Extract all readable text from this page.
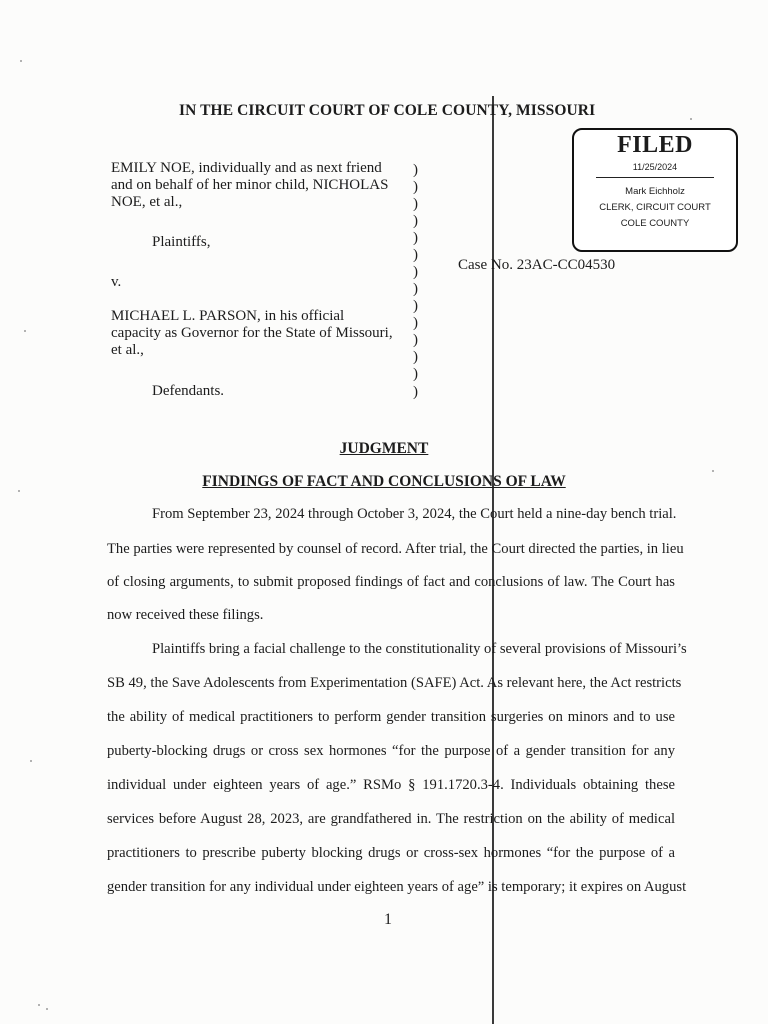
IN THE CIRCUIT COURT OF COLE COUNTY, MISSOURI
FILED
11/25/2024
Mark Eichholz
CLERK, CIRCUIT COURT
COLE COUNTY
EMILY NOE, individually and as next friend
and on behalf of her minor child, NICHOLAS
NOE, et al.,
Plaintiffs,
v.
MICHAEL L. PARSON, in his official
capacity as Governor for the State of Missouri,
et al.,
Defendants.
)
)
)
)
)
)
)
)
)
)
)
)
)
)
Case No. 23AC-CC04530
JUDGMENT
FINDINGS OF FACT AND CONCLUSIONS OF LAW
From September 23, 2024 through October 3, 2024, the Court held a nine-day bench trial.
The parties were represented by counsel of record. After trial, the Court directed the parties, in lieu
of closing arguments, to submit proposed findings of fact and conclusions of law. The Court has
now received these filings.
Plaintiffs bring a facial challenge to the constitutionality of several provisions of Missouri’s
SB 49, the Save Adolescents from Experimentation (SAFE) Act. As relevant here, the Act restricts
the ability of medical practitioners to perform gender transition surgeries on minors and to use
puberty-blocking drugs or cross sex hormones “for the purpose of a gender transition for any
individual under eighteen years of age.” RSMo § 191.1720.3-4. Individuals obtaining these
services before August 28, 2023, are grandfathered in. The restriction on the ability of medical
practitioners to prescribe puberty blocking drugs or cross-sex hormones “for the purpose of a
gender transition for any individual under eighteen years of age” is temporary; it expires on August
1
